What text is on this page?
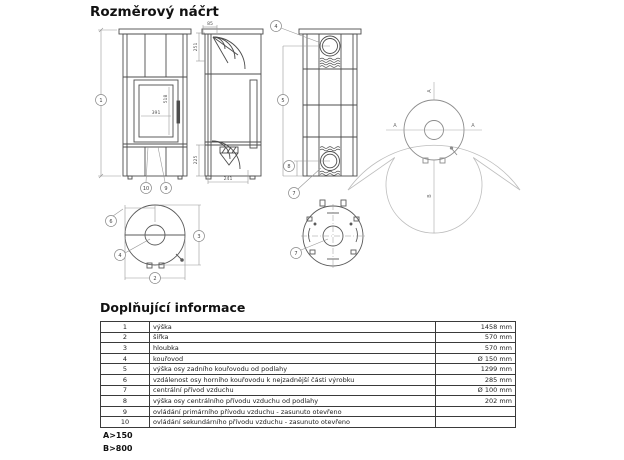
Rozměrový náčrt
518
391
1
10	9
85
251
225
241
4
5
8
7
A	A
A
B
6
3
2
4	7
Doplňující informace
1	výška	1458 mm
2	šířka	570 mm
3	hloubka	570 mm
4	kouřovod	Ø 150 mm
5	výška osy zadního kouřovodu od podlahy	1299 mm
6	vzdálenost osy horního kouřovodu k nejzadnější části výrobku	285 mm
7	centrální přívod vzduchu	Ø 100 mm
8	výška osy centrálního přívodu vzduchu od podlahy	202 mm
9	ovládání primárního přívodu vzduchu - zasunuto otevřeno	
10	ovládání sekundárního přívodu vzduchu - zasunuto otevřeno	
A>150
B>800
